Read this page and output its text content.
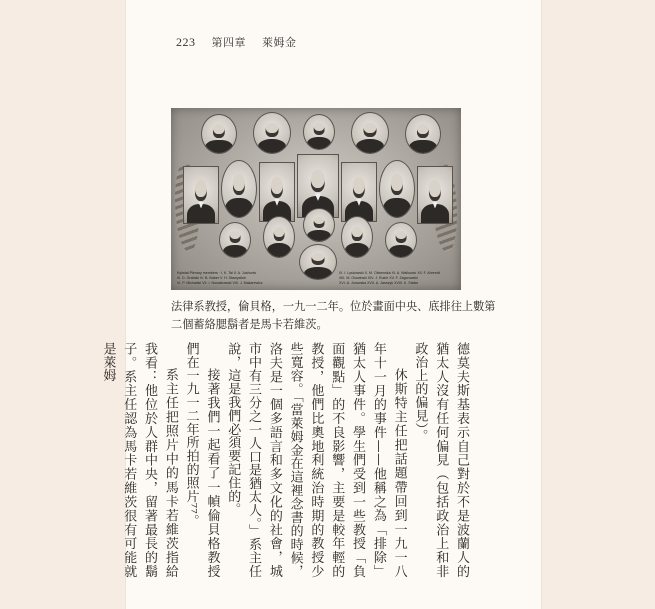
223 第四章 萊姆金
Kyksfal Plenary members · I. K. Tal II. A. Jushoniv
III. D. Grabski IV. B. Baber V. H. Stawystkie
VI. P. Michalski VII. I. Nowakowski VIII. J. Makarewicz
IX. I. Lyskowski X. M. Oliwenska XI. A. Walkowic XII. F. Ahrendt
XIII. M. Glowinski XIV. J. Ruich XV. F. Zagorowski
XVI. A. Jurowska XVII. A. Janszyk XVIII. K. Stafar
法律系教授，倫貝格，一九一二年。位於畫面中央、底排往上數第
二個蓄絡腮鬍者是馬卡若維茨。

德莫夫斯基表示自己對於不是波蘭人的猶太人沒有任何偏見（包括政治上和非政治上的偏見）。

休斯特主任把話題帶回到一九一八年十一月的事件——他稱之為「排除」猶太人事件。學生們受到一些教授「負面觀點」的不良影響，主要是較年輕的教授，他們比奧地利統治時期的教授少些寬容。「當萊姆金在這裡念書的時候，洛夫是一個多語言和多文化的社會，城市中有三分之一人口是猶太人。」系主任說，這是我們必須要記住的。

接著我們一起看了一幀倫貝格教授們在一九一二年所拍的照片⁷⁷。

系主任把照片中的馬卡若維茨指給我看：他位於人群中央，留著最長的鬍子。系主任認為馬卡若維茨很有可能就是萊姆
